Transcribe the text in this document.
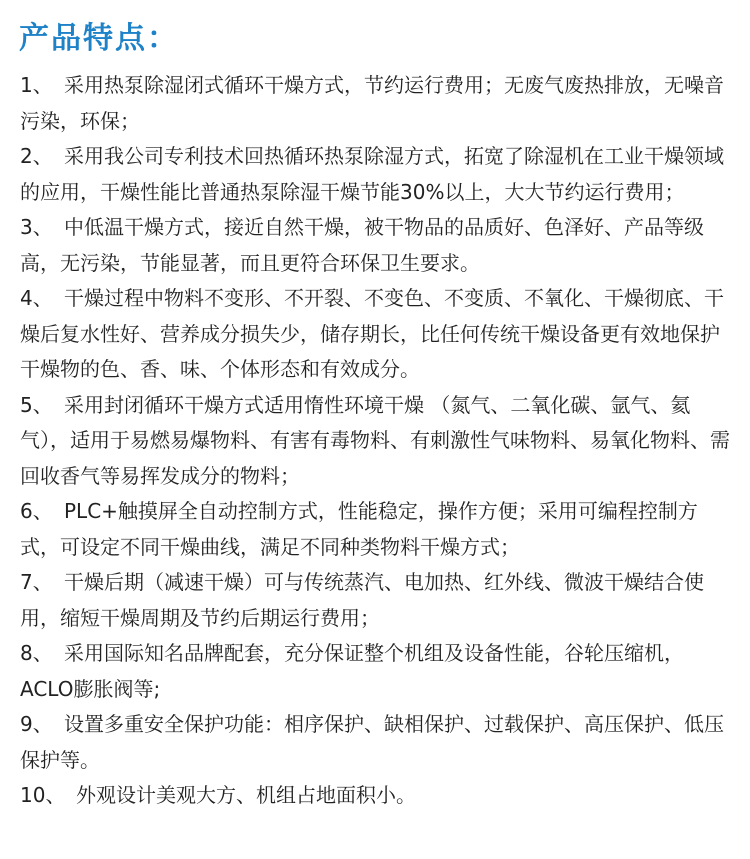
产品特点：
1、 采用热泵除湿闭式循环干燥方式，节约运行费用；无废气废热排放，无噪音污染，环保；
2、 采用我公司专利技术回热循环热泵除湿方式，拓宽了除湿机在工业干燥领域的应用，干燥性能比普通热泵除湿干燥节能30%以上，大大节约运行费用；
3、 中低温干燥方式，接近自然干燥，被干物品的品质好、色泽好、产品等级高，无污染，节能显著，而且更符合环保卫生要求。
4、 干燥过程中物料不变形、不开裂、不变色、不变质、不氧化、干燥彻底、干燥后复水性好、营养成分损失少，储存期长，比任何传统干燥设备更有效地保护干燥物的色、香、味、个体形态和有效成分。
5、 采用封闭循环干燥方式适用惰性环境干燥 （氮气、二氧化碳、氩气、氦气），适用于易燃易爆物料、有害有毒物料、有刺激性气味物料、易氧化物料、需回收香气等易挥发成分的物料；
6、 PLC+触摸屏全自动控制方式，性能稳定，操作方便；采用可编程控制方式，可设定不同干燥曲线，满足不同种类物料干燥方式；
7、 干燥后期（减速干燥）可与传统蒸汽、电加热、红外线、微波干燥结合使用，缩短干燥周期及节约后期运行费用；
8、 采用国际知名品牌配套，充分保证整个机组及设备性能，谷轮压缩机，ACLO膨胀阀等;
9、 设置多重安全保护功能：相序保护、缺相保护、过载保护、高压保护、低压保护等。
10、 外观设计美观大方、机组占地面积小。
